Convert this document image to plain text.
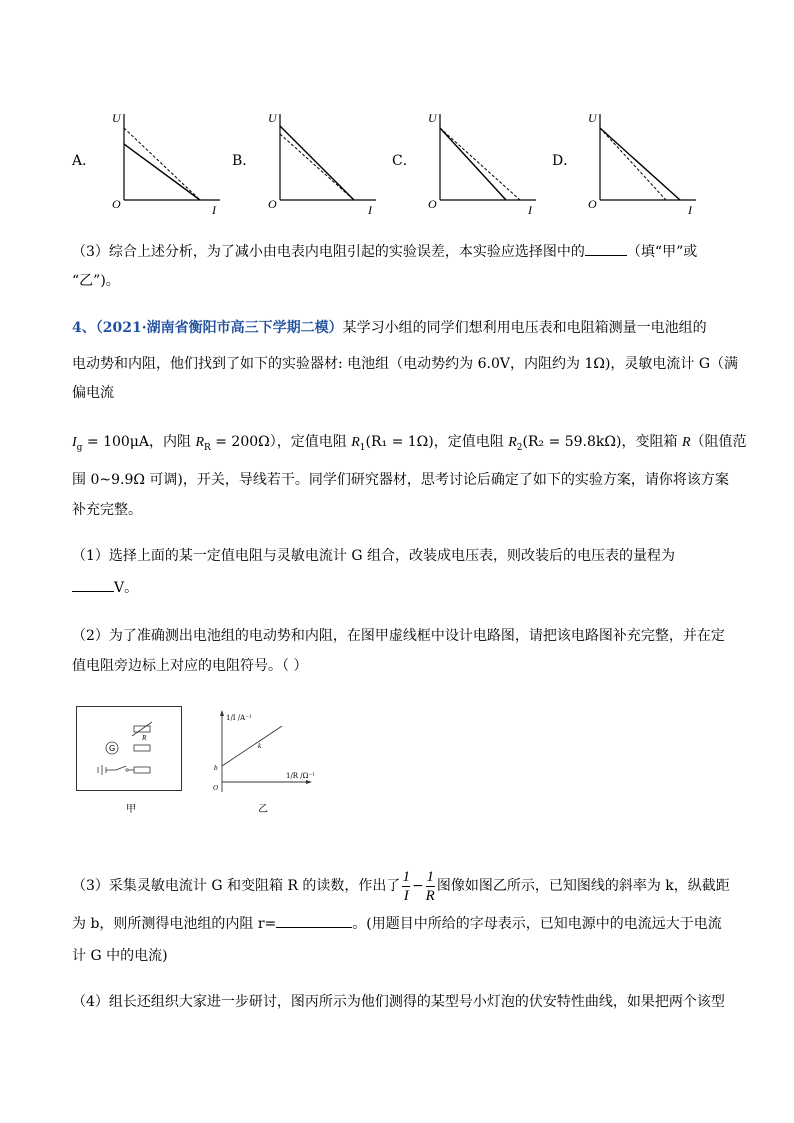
A．	B．	C．	D．
U
O	I
U
O	I
U
O	I
U
O	I
（3）综合上述分析，为了减小由电表内电阻引起的实验误差，本实验应选择图中的	（填“甲”或
“乙”)。
4、（2021·湖南省衡阳市高三下学期二模）某学习小组的同学们想利用电压表和电阻箱测量一电池组的
电动势和内阻，他们找到了如下的实验器材: 电池组（电动势约为 6.0V，内阻约为 1Ω)，灵敏电流计 G（满
偏电流
$I_g = 100\mu A$，内阻 $R_R = 200\Omega$），定值电阻 $R_1(R_1 = 1\Omega)$，定值电阻 $R_2(R_2 = 59.8k\Omega)$，变阻箱 R（阻值范
围 0~9.9Ω 可调)，开关，导线若干。同学们研究器材，思考讨论后确定了如下的实验方案，请你将该方案
补充完整。
（1）选择上面的某一定值电阻与灵敏电流计 G 组合，改装成电压表，则改装后的电压表的量程为
V。
（2）为了准确测出电池组的电动势和内阻，在图甲虚线框中设计电路图，请把该电路图补充完整，并在定
值电阻旁边标上对应的电阻符号。（ ）
R
G
甲
1/I /A⁻¹
1/R /Ω⁻¹
k
b
O
乙
（3）采集灵敏电流计 G 和变阻箱 R 的读数，作出了 $\frac{1}{I} - \frac{1}{R}$ 图像如图乙所示，已知图线的斜率为 k，纵截距
为 b，则所测得电池组的内阻 r=	。(用题目中所给的字母表示，已知电源中的电流远大于电流
计 G 中的电流)
（4）组长还组织大家进一步研讨，图丙所示为他们测得的某型号小灯泡的伏安特性曲线，如果把两个该型
